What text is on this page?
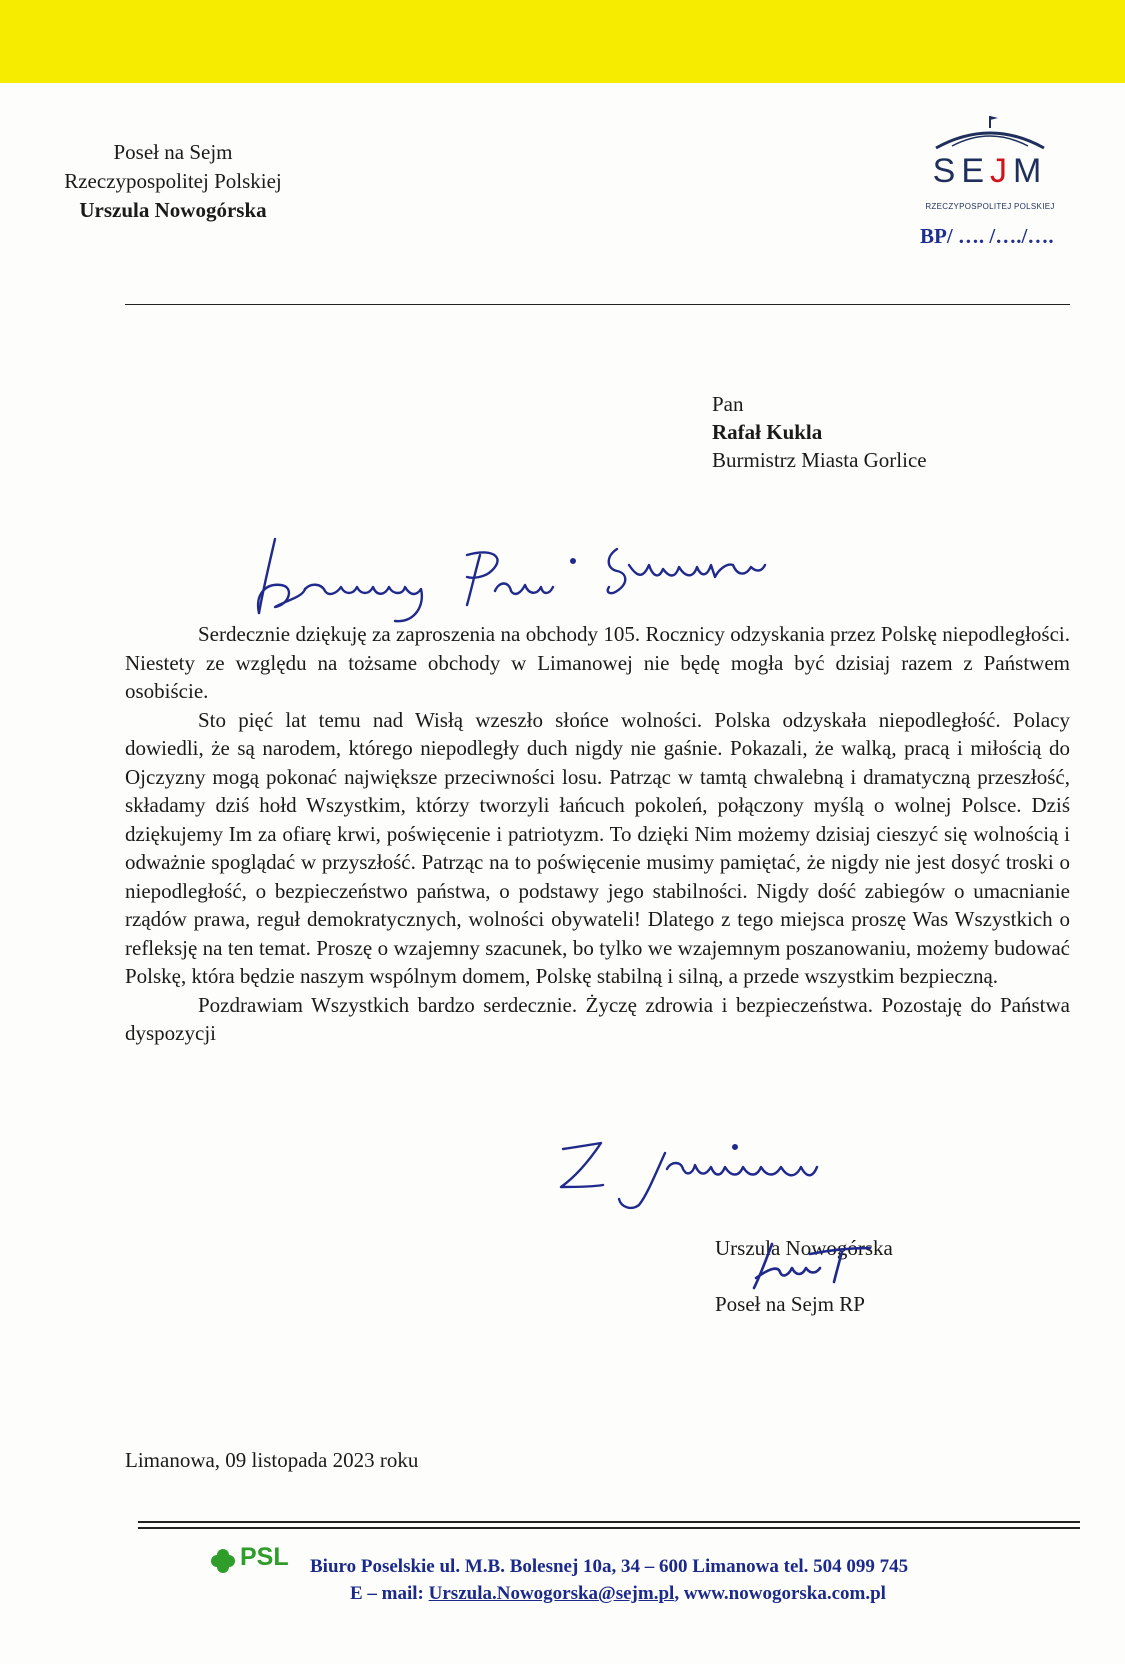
Poseł na Sejm
Rzeczypospolitej Polskiej
Urszula Nowogórska
SEJM
RZECZYPOSPOLITEJ POLSKIEJ
BP/ …. /…./….
Pan
Rafał Kukla
Burmistrz Miasta Gorlice

Serdecznie dziękuję za zaproszenia na obchody 105. Rocznicy odzyskania przez Polskę niepodległości. Niestety ze względu na tożsame obchody w Limanowej nie będę mogła być dzisiaj razem z Państwem osobiście.

Sto pięć lat temu nad Wisłą wzeszło słońce wolności. Polska odzyskała niepodległość. Polacy dowiedli, że są narodem, którego niepodległy duch nigdy nie gaśnie. Pokazali, że walką, pracą i miłością do Ojczyzny mogą pokonać największe przeciwności losu. Patrząc w tamtą chwalebną i dramatyczną przeszłość, składamy dziś hołd Wszystkim, którzy tworzyli łańcuch pokoleń, połączony myślą o wolnej Polsce. Dziś dziękujemy Im za ofiarę krwi, poświęcenie i patriotyzm. To dzięki Nim możemy dzisiaj cieszyć się wolnością i odważnie spoglądać w przyszłość. Patrząc na to poświęcenie musimy pamiętać, że nigdy nie jest dosyć troski o niepodległość, o bezpieczeństwo państwa, o podstawy jego stabilności. Nigdy dość zabiegów o umacnianie rządów prawa, reguł demokratycznych, wolności obywateli! Dlatego z tego miejsca proszę Was Wszystkich o refleksję na ten temat. Proszę o wzajemny szacunek, bo tylko we wzajemnym poszanowaniu, możemy budować Polskę, która będzie naszym wspólnym domem, Polskę stabilną i silną, a przede wszystkim bezpieczną.

Pozdrawiam Wszystkich bardzo serdecznie. Życzę zdrowia i bezpieczeństwa. Pozostaję do Państwa dyspozycji

Urszula Nowogórska
Poseł na Sejm RP
Limanowa, 09 listopada 2023 roku
PSL Biuro Poselskie ul. M.B. Bolesnej 10a, 34 – 600 Limanowa tel. 504 099 745
E – mail: Urszula.Nowogorska@sejm.pl, www.nowogorska.com.pl
